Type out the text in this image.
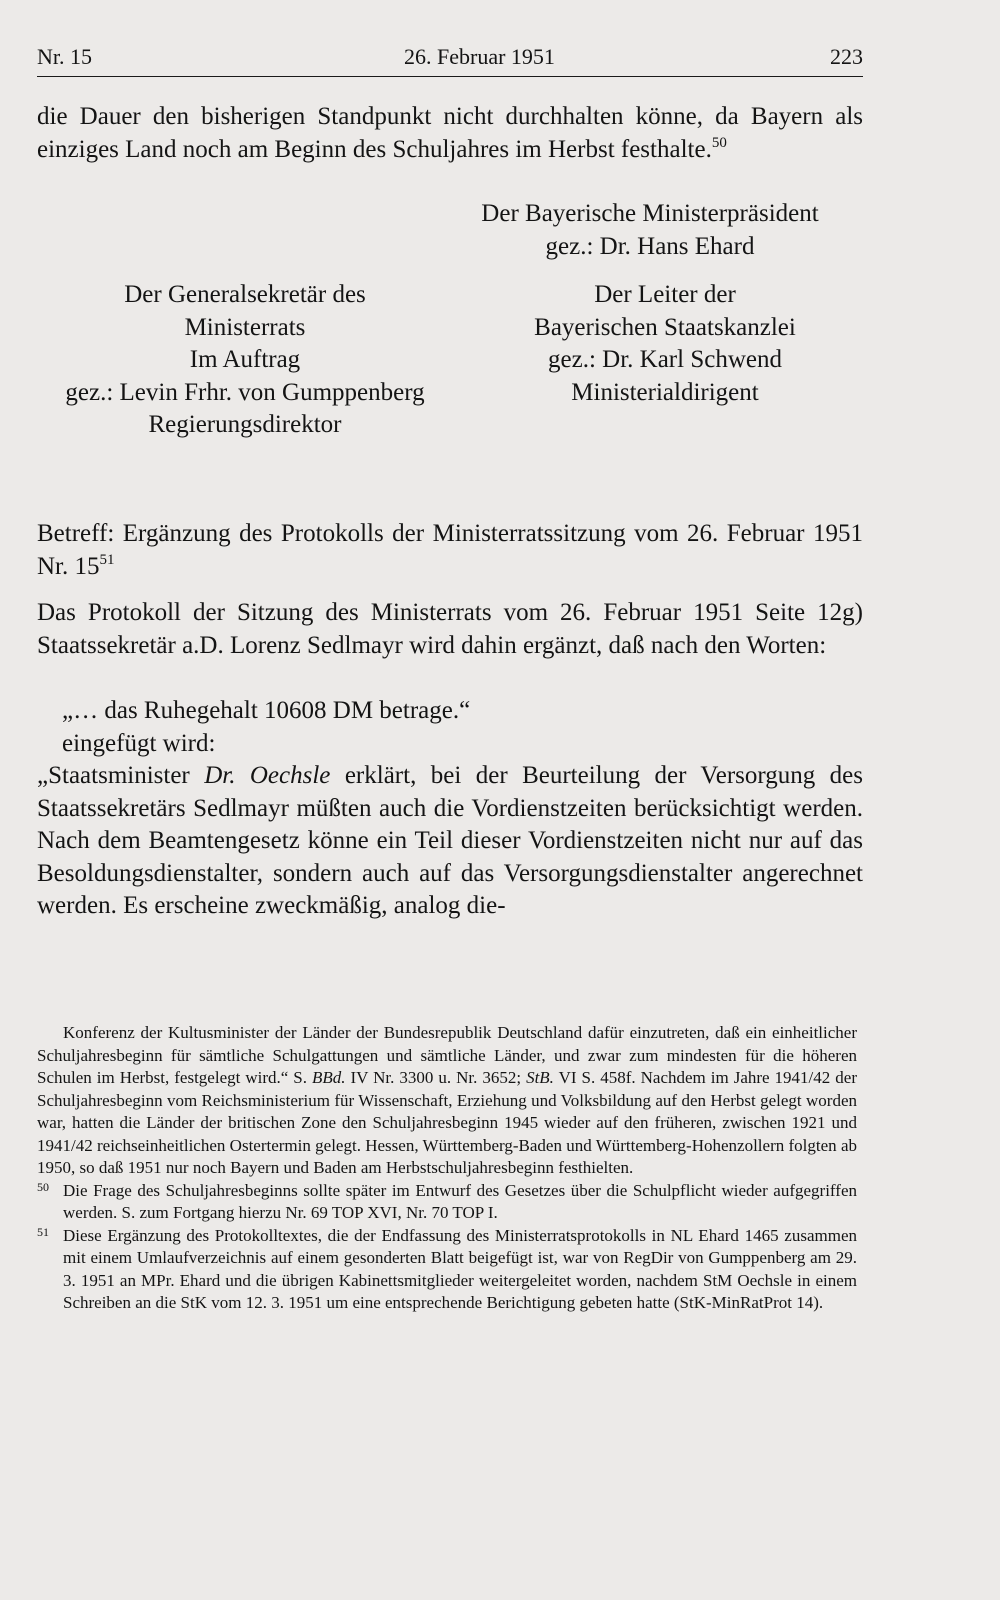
Nr. 15	26. Februar 1951	223
die Dauer den bisherigen Standpunkt nicht durchhalten könne, da Bayern als einziges Land noch am Beginn des Schuljahres im Herbst festhalte.$^{50}$
Der Bayerische Ministerpräsident
gez.: Dr. Hans Ehard
Der Generalsekretär des
Ministerrats
Im Auftrag
gez.: Levin Frhr. von Gumppenberg
Regierungsdirektor
Der Leiter der
Bayerischen Staatskanzlei
gez.: Dr. Karl Schwend
Ministerialdirigent
Betreff: Ergänzung des Protokolls der Ministerratssitzung vom 26. Februar 1951 Nr. $15^{51}$
Das Protokoll der Sitzung des Ministerrats vom 26. Februar 1951 Seite 12g) Staatssekretär a.D. Lorenz Sedlmayr wird dahin ergänzt, daß nach den Worten:
„… das Ruhegehalt 10608 DM betrage.“
eingefügt wird:
„Staatsminister Dr. Oechsle erklärt, bei der Beurteilung der Versorgung des Staatssekretärs Sedlmayr müßten auch die Vordienstzeiten berücksichtigt werden. Nach dem Beamtengesetz könne ein Teil dieser Vordienstzeiten nicht nur auf das Besoldungsdienstalter, sondern auch auf das Versorgungsdienstalter angerechnet werden. Es erscheine zweckmäßig, analog die-
Konferenz der Kultusminister der Länder der Bundesrepublik Deutschland dafür einzutreten, daß ein einheitlicher Schuljahresbeginn für sämtliche Schulgattungen und sämtliche Länder, und zwar zum mindesten für die höheren Schulen im Herbst, festgelegt wird.“ S. BBd. IV Nr. 3300 u. Nr. 3652; StB. VI S. 458f. Nachdem im Jahre 1941/42 der Schuljahresbeginn vom Reichsministerium für Wissenschaft, Erziehung und Volksbildung auf den Herbst gelegt worden war, hatten die Länder der britischen Zone den Schuljahresbeginn 1945 wieder auf den früheren, zwischen 1921 und 1941/42 reichseinheitlichen Ostertermin gelegt. Hessen, Württemberg-Baden und Württemberg-Hohenzollern folgten ab 1950, so daß 1951 nur noch Bayern und Baden am Herbstschuljahresbeginn festhielten.
50 Die Frage des Schuljahresbeginns sollte später im Entwurf des Gesetzes über die Schulpflicht wieder aufgegriffen werden. S. zum Fortgang hierzu Nr. 69 TOP XVI, Nr. 70 TOP I.
51 Diese Ergänzung des Protokolltextes, die der Endfassung des Ministerratsprotokolls in NL Ehard 1465 zusammen mit einem Umlaufverzeichnis auf einem gesonderten Blatt beigefügt ist, war von RegDir von Gumppenberg am 29. 3. 1951 an MPr. Ehard und die übrigen Kabinettsmitglieder weitergeleitet worden, nachdem StM Oechsle in einem Schreiben an die StK vom 12. 3. 1951 um eine entsprechende Berichtigung gebeten hatte (StK-MinRatProt 14).
